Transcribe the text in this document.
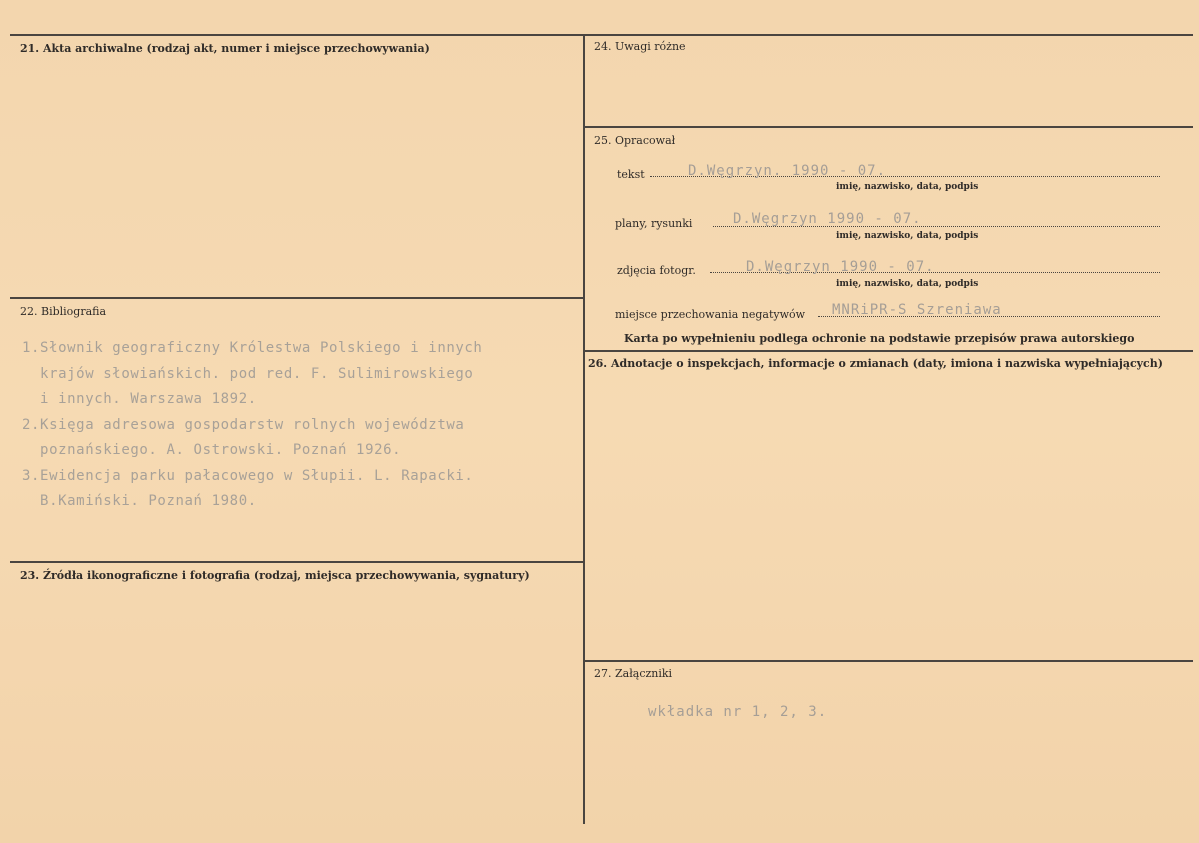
21. Akta archiwalne (rodzaj akt, numer i miejsce przechowywania)
22. Bibliografia
1.Słownik geograficzny Królestwa Polskiego i innych
krajów słowiańskich. pod red. F. Sulimirowskiego
i innych. Warszawa 1892.
2.Księga adresowa gospodarstw rolnych województwa
poznańskiego. A. Ostrowski. Poznań 1926.
3.Ewidencja parku pałacowego w Słupii. L. Rapacki.
B.Kamiński. Poznań 1980.
23. Źródła ikonograficzne i fotografia (rodzaj, miejsca przechowywania, sygnatury)
24. Uwagi różne
25. Opracował
tekst	D.Węgrzyn. 1990 - 07.
imię, nazwisko, data, podpis
plany, rysunki	D.Węgrzyn 1990 - 07.
imię, nazwisko, data, podpis
zdjęcia fotogr.	D.Węgrzyn 1990 - 07.
imię, nazwisko, data, podpis
miejsce przechowania negatywów MNRiPR-S Szreniawa
Karta po wypełnieniu podlega ochronie na podstawie przepisów prawa autorskiego
26. Adnotacje o inspekcjach, informacje o zmianach (daty, imiona i nazwiska wypełniających)
27. Załączniki
wkładka nr 1, 2, 3.
